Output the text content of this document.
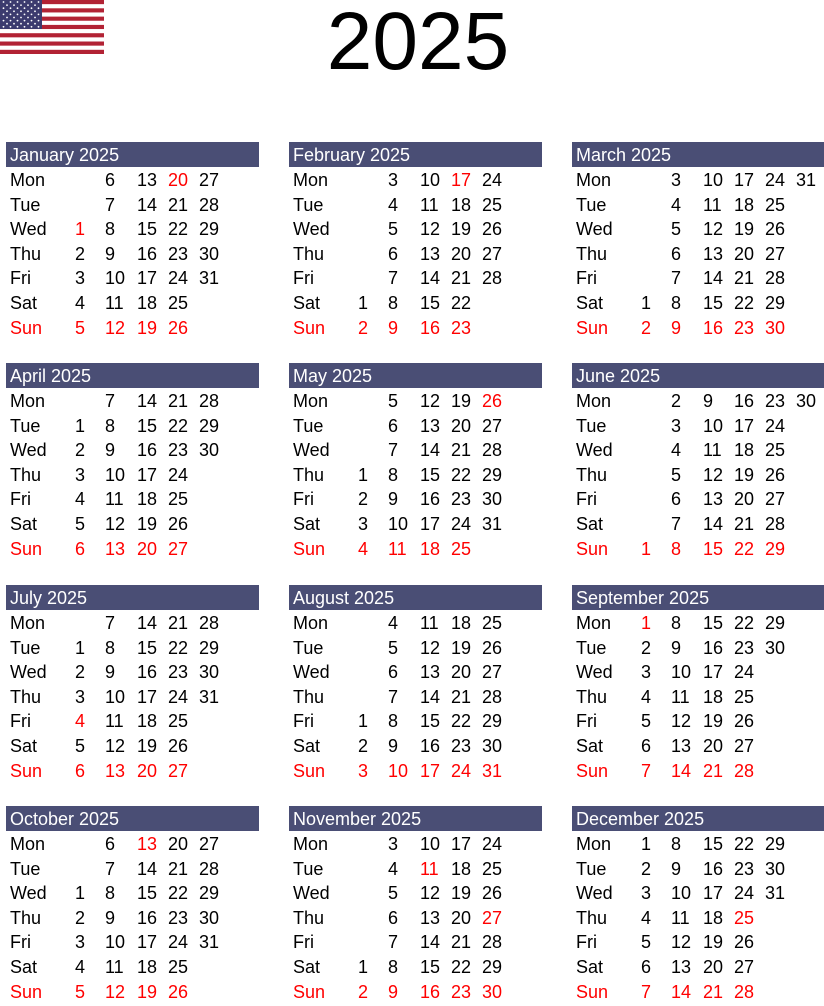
2025
January 2025
Mon	6 13 20 27
Tue	7 14 21 28
Wed 1 8 15 22 29
Thu 2 9 16 23 30
Fri 3 10 17 24 31
Sat 4 11 18 25
Sun 5 12 19 26
February 2025
Mon	3 10 17 24
Tue	4 11 18 25
Wed	5 12 19 26
Thu	6 13 20 27
Fri	7 14 21 28
Sat 1 8 15 22
Sun 2 9 16 23
March 2025
Mon	3 10 17 24 31
Tue	4 11 18 25
Wed	5 12 19 26
Thu	6 13 20 27
Fri	7 14 21 28
Sat 1 8 15 22 29
Sun 2 9 16 23 30
April 2025
Mon	7 14 21 28
Tue 1 8 15 22 29
Wed 2 9 16 23 30
Thu 3 10 17 24
Fri 4 11 18 25
Sat 5 12 19 26
Sun 6 13 20 27
May 2025
Mon	5 12 19 26
Tue	6 13 20 27
Wed	7 14 21 28
Thu 1 8 15 22 29
Fri 2 9 16 23 30
Sat 3 10 17 24 31
Sun 4 11 18 25
June 2025
Mon	2 9 16 23 30
Tue	3 10 17 24
Wed	4 11 18 25
Thu	5 12 19 26
Fri	6 13 20 27
Sat	7 14 21 28
Sun 1 8 15 22 29
July 2025
Mon	7 14 21 28
Tue 1 8 15 22 29
Wed 2 9 16 23 30
Thu 3 10 17 24 31
Fri 4 11 18 25
Sat 5 12 19 26
Sun 6 13 20 27
August 2025
Mon	4 11 18 25
Tue	5 12 19 26
Wed	6 13 20 27
Thu	7 14 21 28
Fri 1 8 15 22 29
Sat 2 9 16 23 30
Sun 3 10 17 24 31
September 2025
Mon 1 8 15 22 29
Tue 2 9 16 23 30
Wed 3 10 17 24
Thu 4 11 18 25
Fri 5 12 19 26
Sat 6 13 20 27
Sun 7 14 21 28
October 2025
Mon	6 13 20 27
Tue	7 14 21 28
Wed 1 8 15 22 29
Thu 2 9 16 23 30
Fri 3 10 17 24 31
Sat 4 11 18 25
Sun 5 12 19 26
November 2025
Mon	3 10 17 24
Tue	4 11 18 25
Wed	5 12 19 26
Thu	6 13 20 27
Fri	7 14 21 28
Sat 1 8 15 22 29
Sun 2 9 16 23 30
December 2025
Mon 1 8 15 22 29
Tue 2 9 16 23 30
Wed 3 10 17 24 31
Thu 4 11 18 25
Fri 5 12 19 26
Sat 6 13 20 27
Sun 7 14 21 28
